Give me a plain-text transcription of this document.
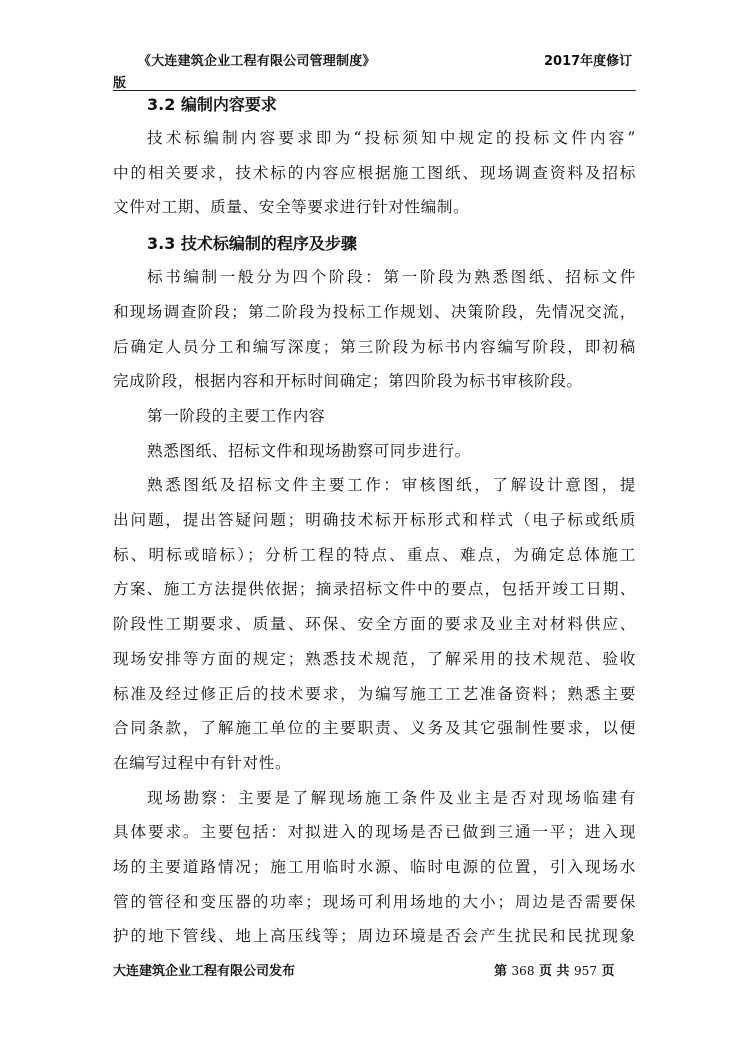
《大连建筑企业工程有限公司管理制度》	2017年度修订
版
3.2 编制内容要求
技术标编制内容要求即为“投标须知中规定的投标文件内容”
中的相关要求，技术标的内容应根据施工图纸、现场调查资料及招标
文件对工期、质量、安全等要求进行针对性编制。
3.3 技术标编制的程序及步骤
标书编制一般分为四个阶段：第一阶段为熟悉图纸、招标文件
和现场调查阶段；第二阶段为投标工作规划、决策阶段，先情况交流，
后确定人员分工和编写深度；第三阶段为标书内容编写阶段，即初稿
完成阶段，根据内容和开标时间确定；第四阶段为标书审核阶段。
第一阶段的主要工作内容
熟悉图纸、招标文件和现场勘察可同步进行。
熟悉图纸及招标文件主要工作：审核图纸，了解设计意图，提
出问题，提出答疑问题；明确技术标开标形式和样式（电子标或纸质
标、明标或暗标）；分析工程的特点、重点、难点，为确定总体施工
方案、施工方法提供依据；摘录招标文件中的要点，包括开竣工日期、
阶段性工期要求、质量、环保、安全方面的要求及业主对材料供应、
现场安排等方面的规定；熟悉技术规范，了解采用的技术规范、验收
标准及经过修正后的技术要求，为编写施工工艺准备资料；熟悉主要
合同条款，了解施工单位的主要职责、义务及其它强制性要求，以便
在编写过程中有针对性。
现场勘察：主要是了解现场施工条件及业主是否对现场临建有
具体要求。主要包括：对拟进入的现场是否已做到三通一平；进入现
场的主要道路情况；施工用临时水源、临时电源的位置，引入现场水
管的管径和变压器的功率；现场可利用场地的大小；周边是否需要保
护的地下管线、地上高压线等；周边环境是否会产生扰民和民扰现象
大连建筑企业工程有限公司发布	第 368 页 共 957 页
